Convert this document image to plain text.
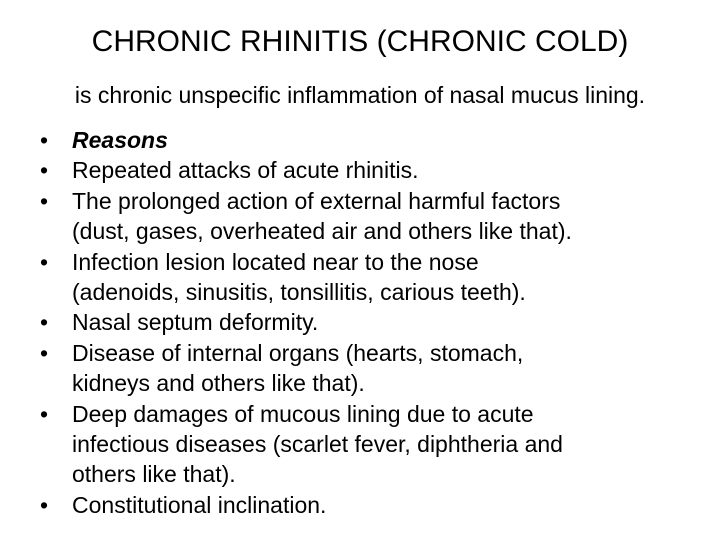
CHRONIC RHINITIS (CHRONIC COLD)
is chronic unspecific inflammation of nasal mucus lining.
•	Reasons
•	Repeated attacks of acute rhinitis.
•	The prolonged action of external harmful factors
(dust, gases, overheated air and others like that).
•	Infection lesion located near to the nose
(adenoids, sinusitis, tonsillitis, carious teeth).
•	Nasal septum deformity.
•	Disease of internal organs (hearts, stomach,
kidneys and others like that).
•	Deep damages of mucous lining due to acute
infectious diseases (scarlet fever, diphtheria and
others like that).
•	Constitutional inclination.
